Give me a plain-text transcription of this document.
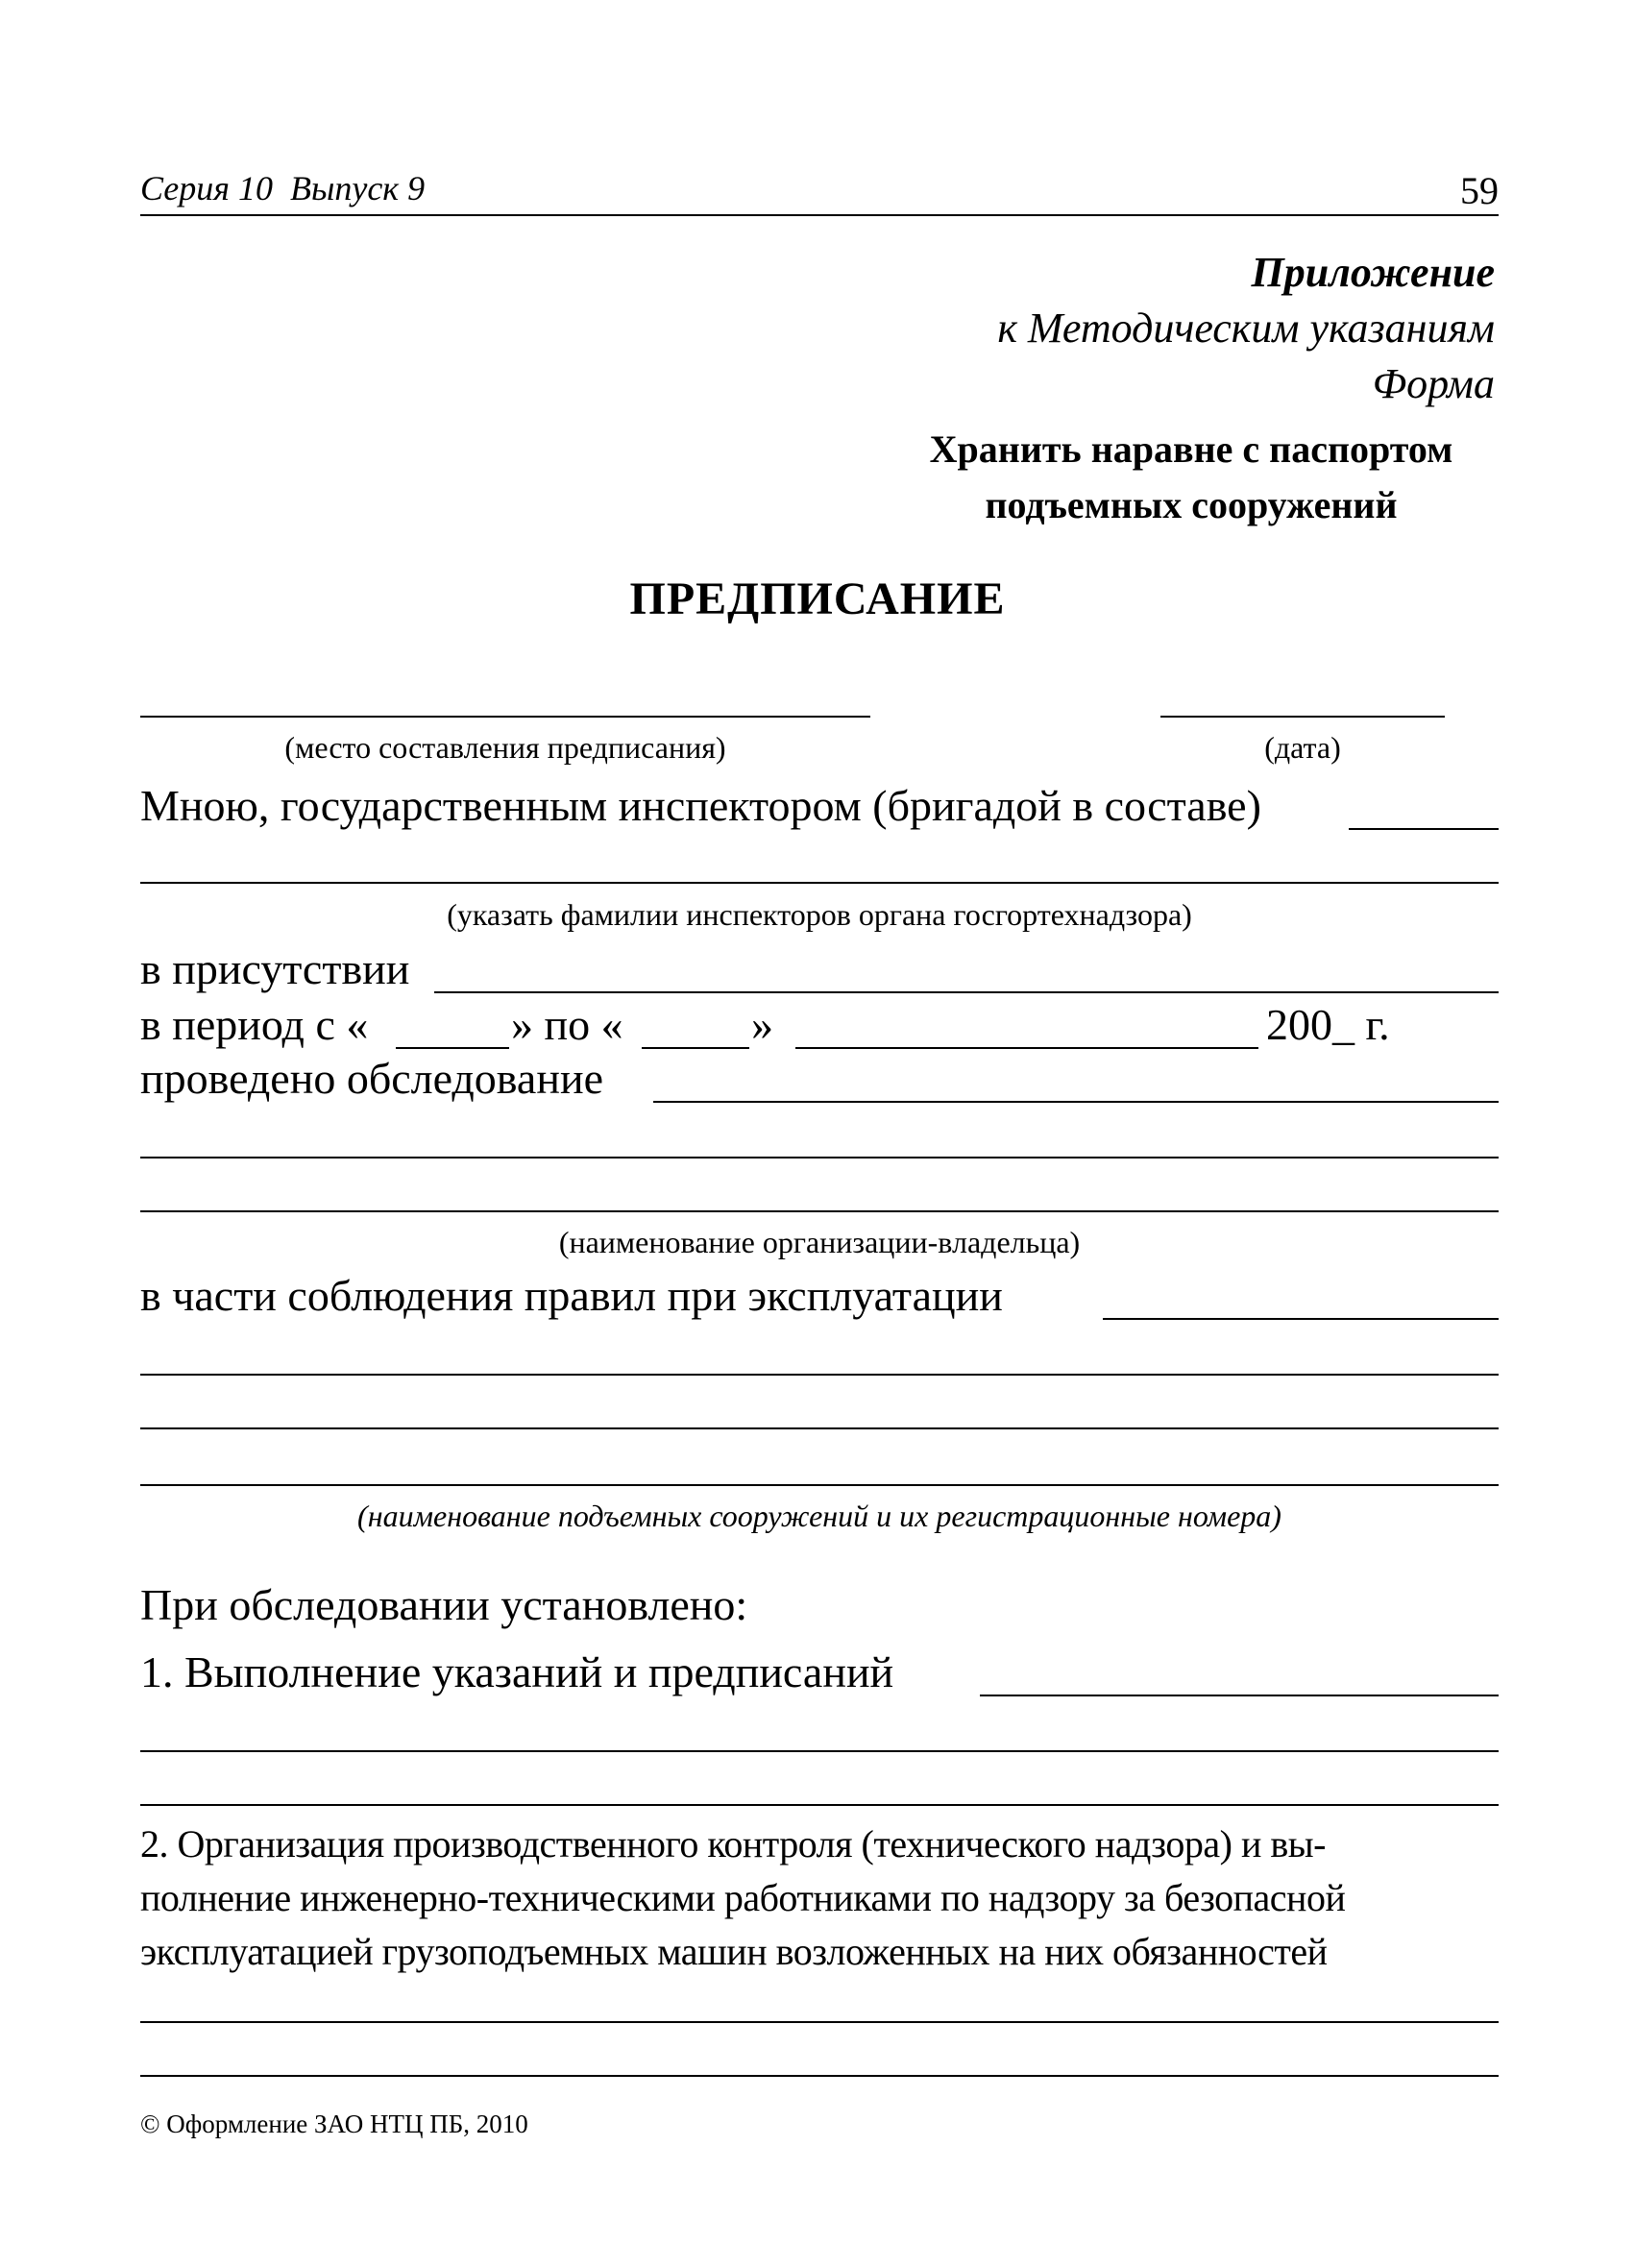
Серия 10  Выпуск 9	59
Приложение
к Методическим указаниям
Форма
Хранить наравне с паспортом
подъемных сооружений
ПРЕДПИСАНИЕ
(место составления предписания)	(дата)
Мною, государственным инспектором (бригадой в составе)
(указать фамилии инспекторов органа госгортехнадзора)
в присутствии
в период с «	» по «	»	200_ г.
проведено обследование
(наименование организации-владельца)
в части соблюдения правил при эксплуатации
(наименование подъемных сооружений и их регистрационные номера)
При обследовании установлено:
1. Выполнение указаний и предписаний
2. Организация производственного контроля (технического надзора) и вы-
полнение инженерно-техническими работниками по надзору за безопасной
эксплуатацией грузоподъемных машин возложенных на них обязанностей
© Оформление ЗАО НТЦ ПБ, 2010
